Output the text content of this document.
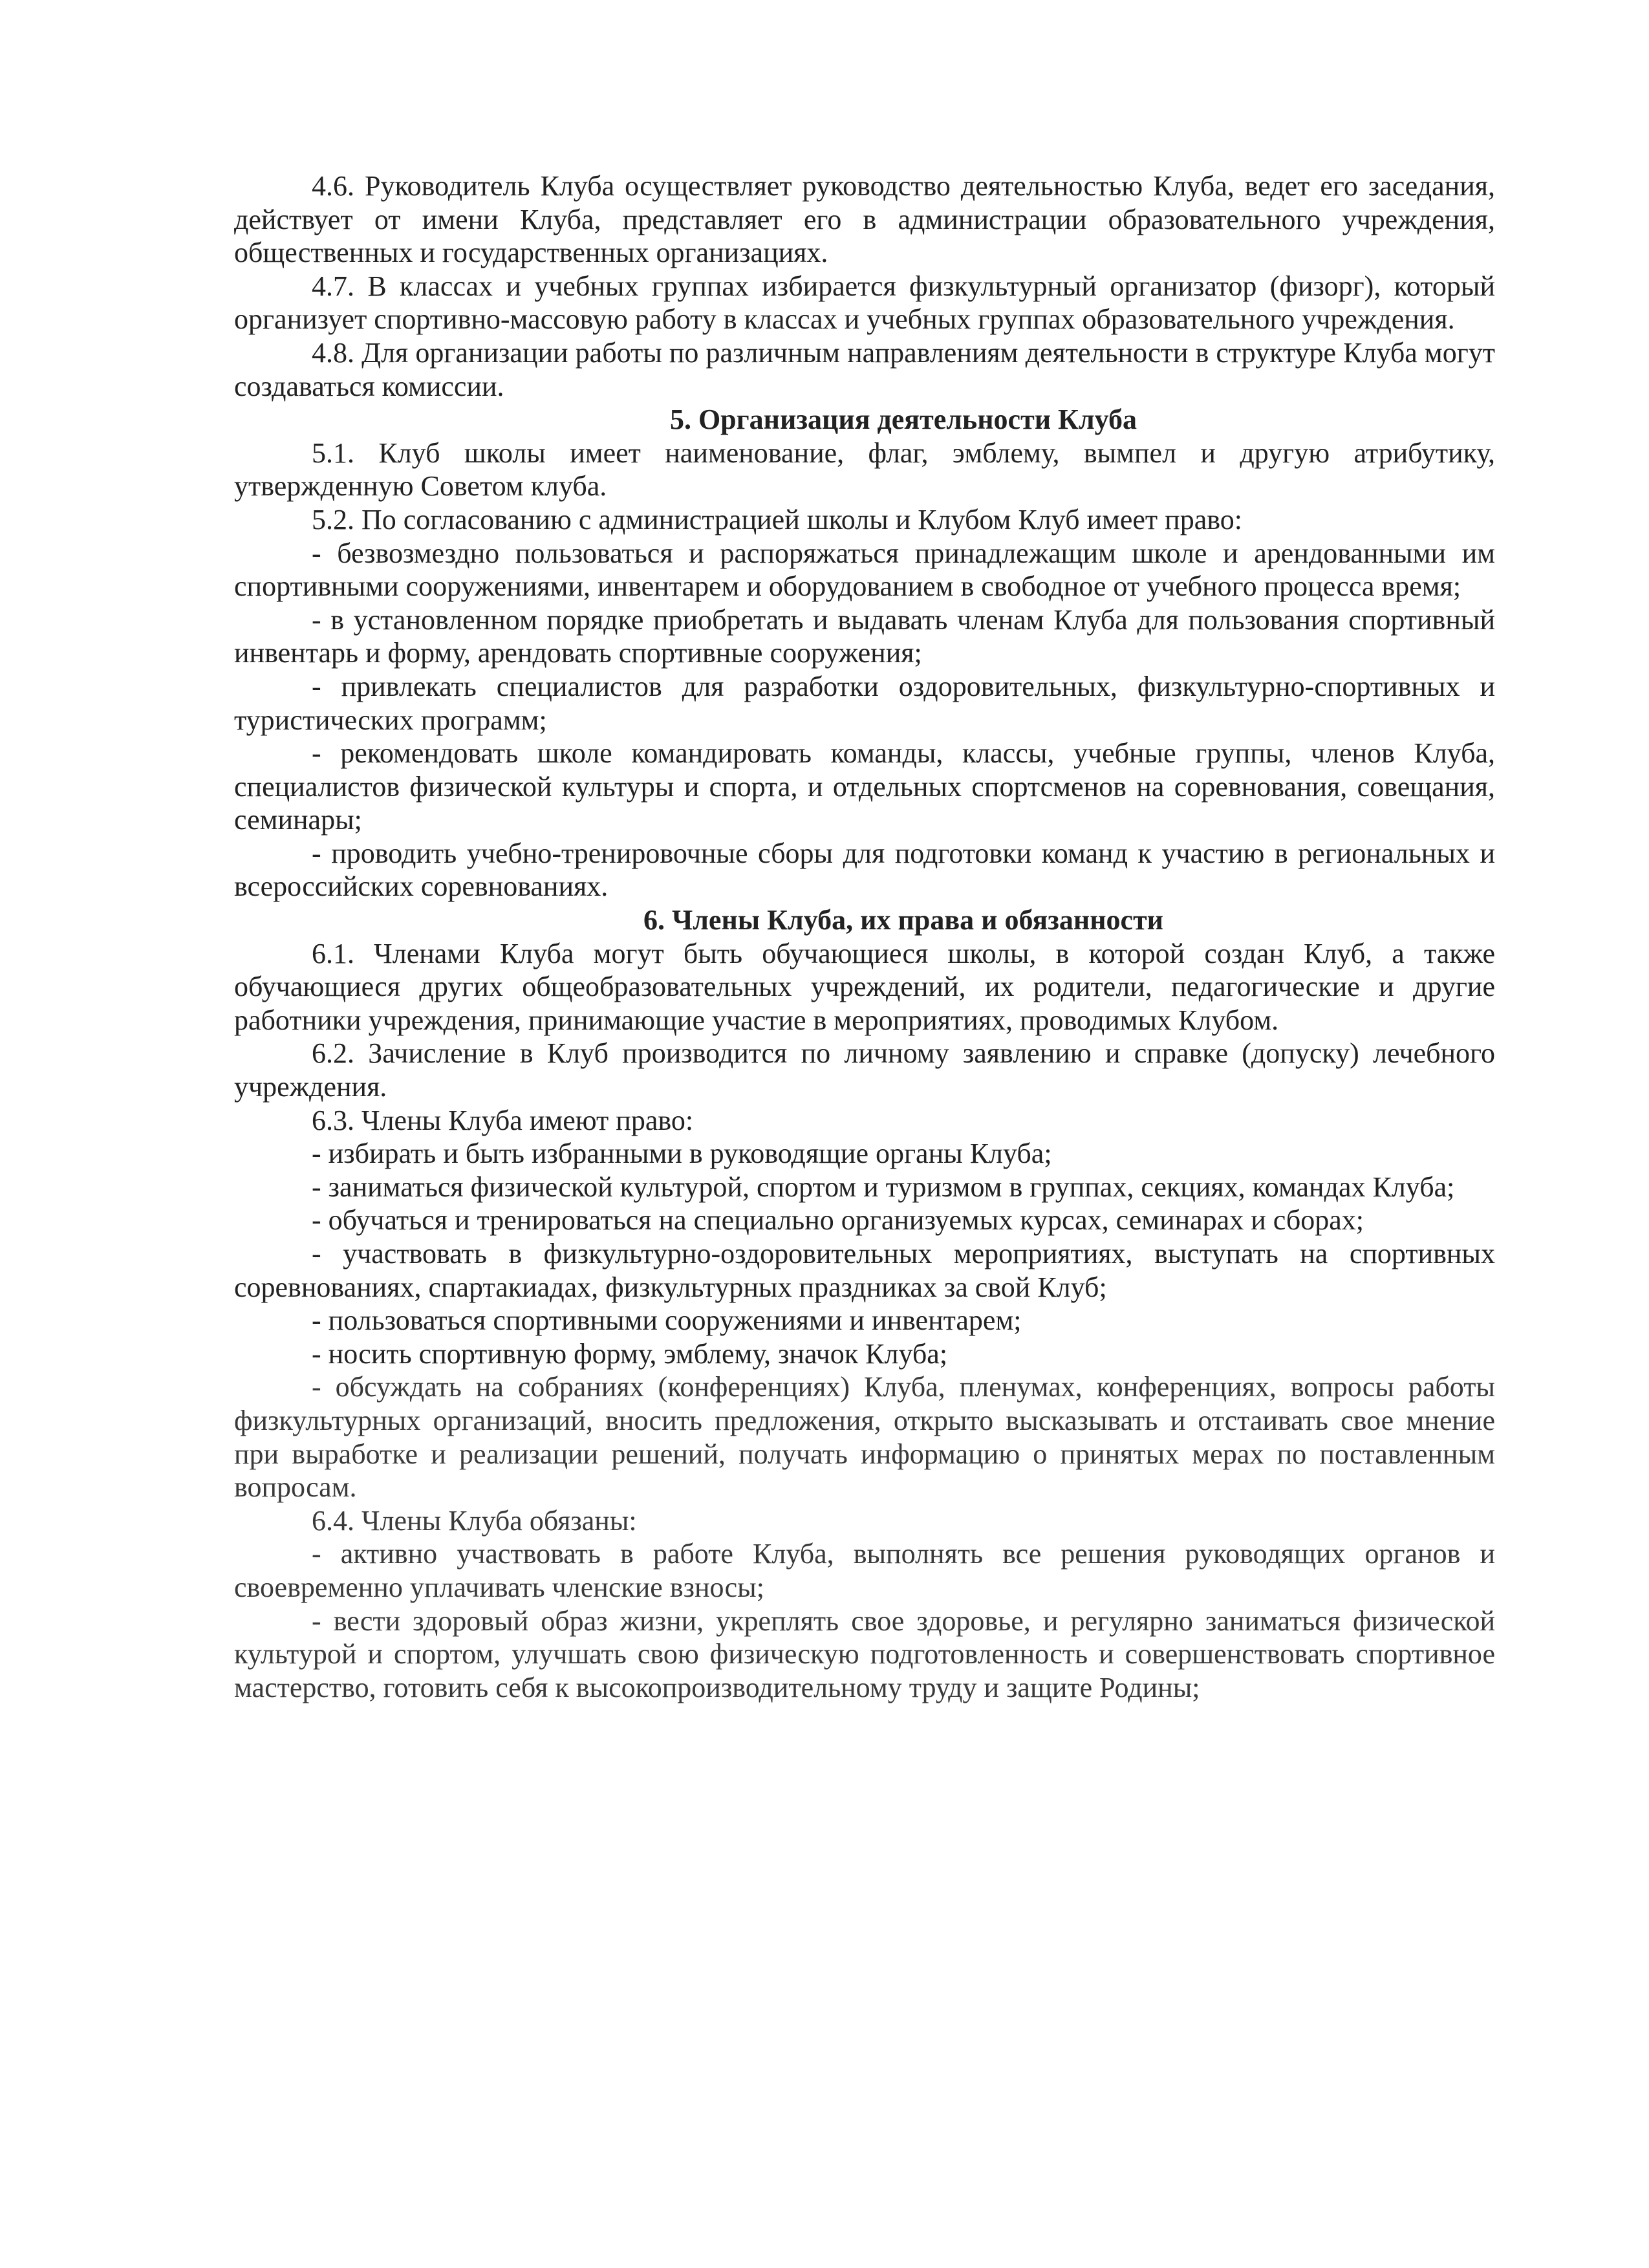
4.6. Руководитель Клуба осуществляет руководство деятельностью Клуба, ведет его заседания, действует от имени Клуба, представляет его в администрации образовательного учреждения, общественных и государственных организациях.

4.7. В классах и учебных группах избирается физкультурный организатор (физорг), который организует спортивно-массовую работу в классах и учебных группах образовательного учреждения.

4.8. Для организации работы по различным направлениям деятельности в структуре Клуба могут создаваться комиссии.

5. Организация деятельности Клуба

5.1. Клуб школы имеет наименование, флаг, эмблему, вымпел и другую атрибутику, утвержденную Советом клуба.

5.2. По согласованию с администрацией школы и Клубом Клуб имеет право:

- безвозмездно пользоваться и распоряжаться принадлежащим школе и арендованными им спортивными сооружениями, инвентарем и оборудованием в свободное от учебного процесса время;

- в установленном порядке приобретать и выдавать членам Клуба для пользования спортивный инвентарь и форму, арендовать спортивные сооружения;

- привлекать специалистов для разработки оздоровительных, физкультурно-спортивных и туристических программ;

- рекомендовать школе командировать команды, классы, учебные группы, членов Клуба, специалистов физической культуры и спорта, и отдельных спортсменов на соревнования, совещания, семинары;

- проводить учебно-тренировочные сборы для подготовки команд к участию в региональных и всероссийских соревнованиях.

6. Члены Клуба, их права и обязанности

6.1. Членами Клуба могут быть обучающиеся школы, в которой создан Клуб, а также обучающиеся других общеобразовательных учреждений, их родители, педагогические и другие работники учреждения, принимающие участие в мероприятиях, проводимых Клубом.

6.2. Зачисление в Клуб производится по личному заявлению и справке (допуску) лечебного учреждения.

6.3. Члены Клуба имеют право:

- избирать и быть избранными в руководящие органы Клуба;

- заниматься физической культурой, спортом и туризмом в группах, секциях, командах Клуба;

- обучаться и тренироваться на специально организуемых курсах, семинарах и сборах;

- участвовать в физкультурно-оздоровительных мероприятиях, выступать на спортивных соревнованиях, спартакиадах, физкультурных праздниках за свой Клуб;

- пользоваться спортивными сооружениями и инвентарем;

- носить спортивную форму, эмблему, значок Клуба;

- обсуждать на собраниях (конференциях) Клуба, пленумах, конференциях, вопросы работы физкультурных организаций, вносить предложения, открыто высказывать и отстаивать свое мнение при выработке и реализации решений, получать информацию о принятых мерах по поставленным вопросам.

6.4. Члены Клуба обязаны:

- активно участвовать в работе Клуба, выполнять все решения руководящих органов и своевременно уплачивать членские взносы;

- вести здоровый образ жизни, укреплять свое здоровье, и регулярно заниматься физической культурой и спортом, улучшать свою физическую подготовленность и совершенствовать спортивное мастерство, готовить себя к высокопроизводительному труду и защите Родины;
